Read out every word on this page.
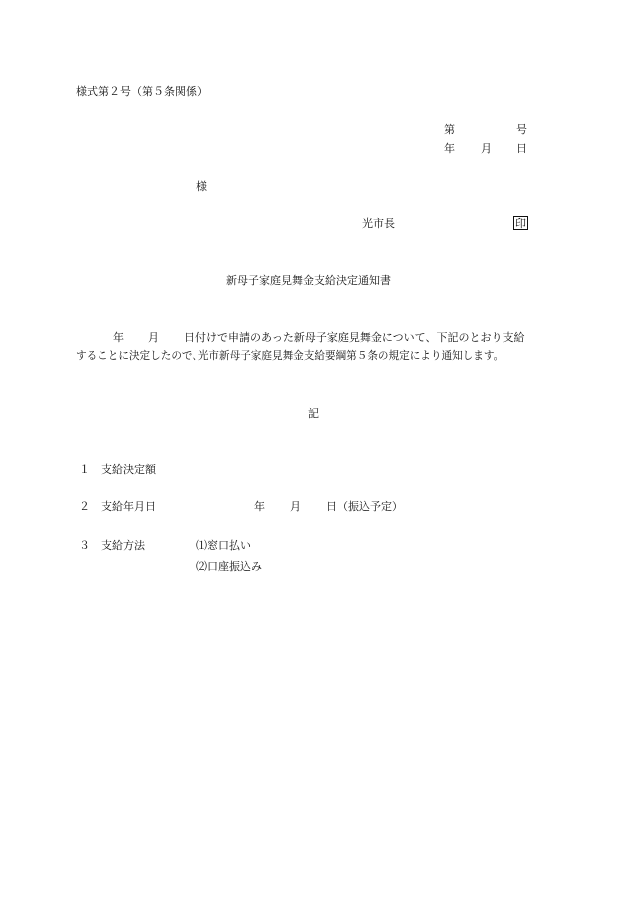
様式第２号（第５条関係）
第	号
年 月 日
様
光市長	印
新母子家庭見舞金支給決定通知書
年 月 日付けで申請のあった新母子家庭見舞金について、下記のとおり支給
することに決定したので､光市新母子家庭見舞金支給要綱第５条の規定により通知します。
記
１ 支給決定額
２ 支給年月日	年 月 日（振込予定）
３ 支給方法	⑴窓口払い
⑵口座振込み
